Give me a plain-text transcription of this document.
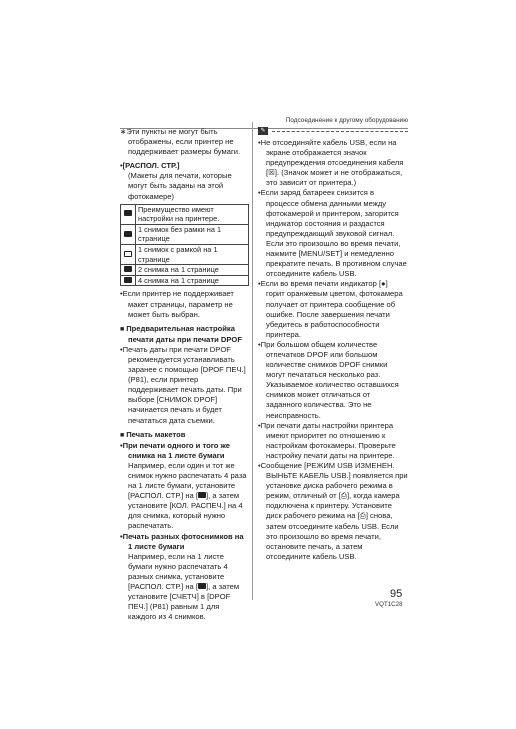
Подсоединение к другому оборудованию

∗Эти пункты не могут быть отображены, если принтер не поддерживает размеры бумаги.

•[РАСПОЛ. СТР.]

(Макеты для печати, которые могут быть заданы на этой фотокамере)

	Преимущество имеют настройки на принтере.
	1 снимок без рамки на 1 странице
	1 снимок с рамкой на 1 странице
	2 снимка на 1 странице
	4 снимка на 1 странице

•Если принтер не поддерживает макет страницы, параметр не может быть выбран.

■ Предварительная настройка печати даты при печати DPOF

•Печать даты при печати DPOF рекомендуется устанавливать заранее с помощью [DPOF ПЕЧ.] (P81), если принтер поддерживает печать даты. При выборе [СНИМОК DPOF] начинается печать и будет печататься дата съемки.

■ Печать макетов

•При печати одного и того же снимка на 1 листе бумаги

Например, если один и тот же снимок нужно распечатать 4 раза на 1 листе бумаги, установите [РАСПОЛ. СТР.] на [ ], а затем установите [КОЛ. РАСПЕЧ.] на 4 для снимка, который нужно распечатать.

•Печать разных фотоснимков на 1 листе бумаги

Например, если на 1 листе бумаги нужно распечатать 4 разных снимка, установите [РАСПОЛ. СТР.] на [ ], а затем установите [СЧЕТЧ] в [DPOF ПЕЧ.] (P81) равным 1 для каждого из 4 снимков.

✎

•Не отсоединяйте кабель USB, если на экране отображается значок предупреждения отсоединения кабеля [☒]. (Значок может и не отображаться, это зависит от принтера.)

•Если заряд батареек снизится в процессе обмена данными между фотокамерой и принтером, загорится индикатор состояния и раздастся предупреждающий звуковой сигнал. Если это произошло во время печати, нажмите [MENU/SET] и немедленно прекратите печать. В противном случае отсоедините кабель USB.

•Если во время печати индикатор [●] горит оранжевым цветом, фотокамера получает от принтера сообщение об ошибке. После завершения печати убедитесь в работоспособности принтера.

•При большом общем количестве отпечатков DPOF или большом количестве снимков DPOF снимки могут печататься несколько раз. Указываемое количество оставшихся снимков может отличаться от заданного количества. Это не неисправность.

•При печати даты настройки принтера имеют приоритет по отношению к настройкам фотокамеры. Проверьте настройку печати даты на принтере.

•Сообщение [РЕЖИМ USB ИЗМЕНЕН. ВЫНЬТЕ КАБЕЛЬ USB.] появляется при установке диска рабочего режима в режим, отличный от [⎙], когда камера подключена к принтеру. Установите диск рабочего режима на [⎙] снова, затем отсоедините кабель USB. Если это произошло во время печати, остановите печать, а затем отсоедините кабель USB.

95
VQT1C28
